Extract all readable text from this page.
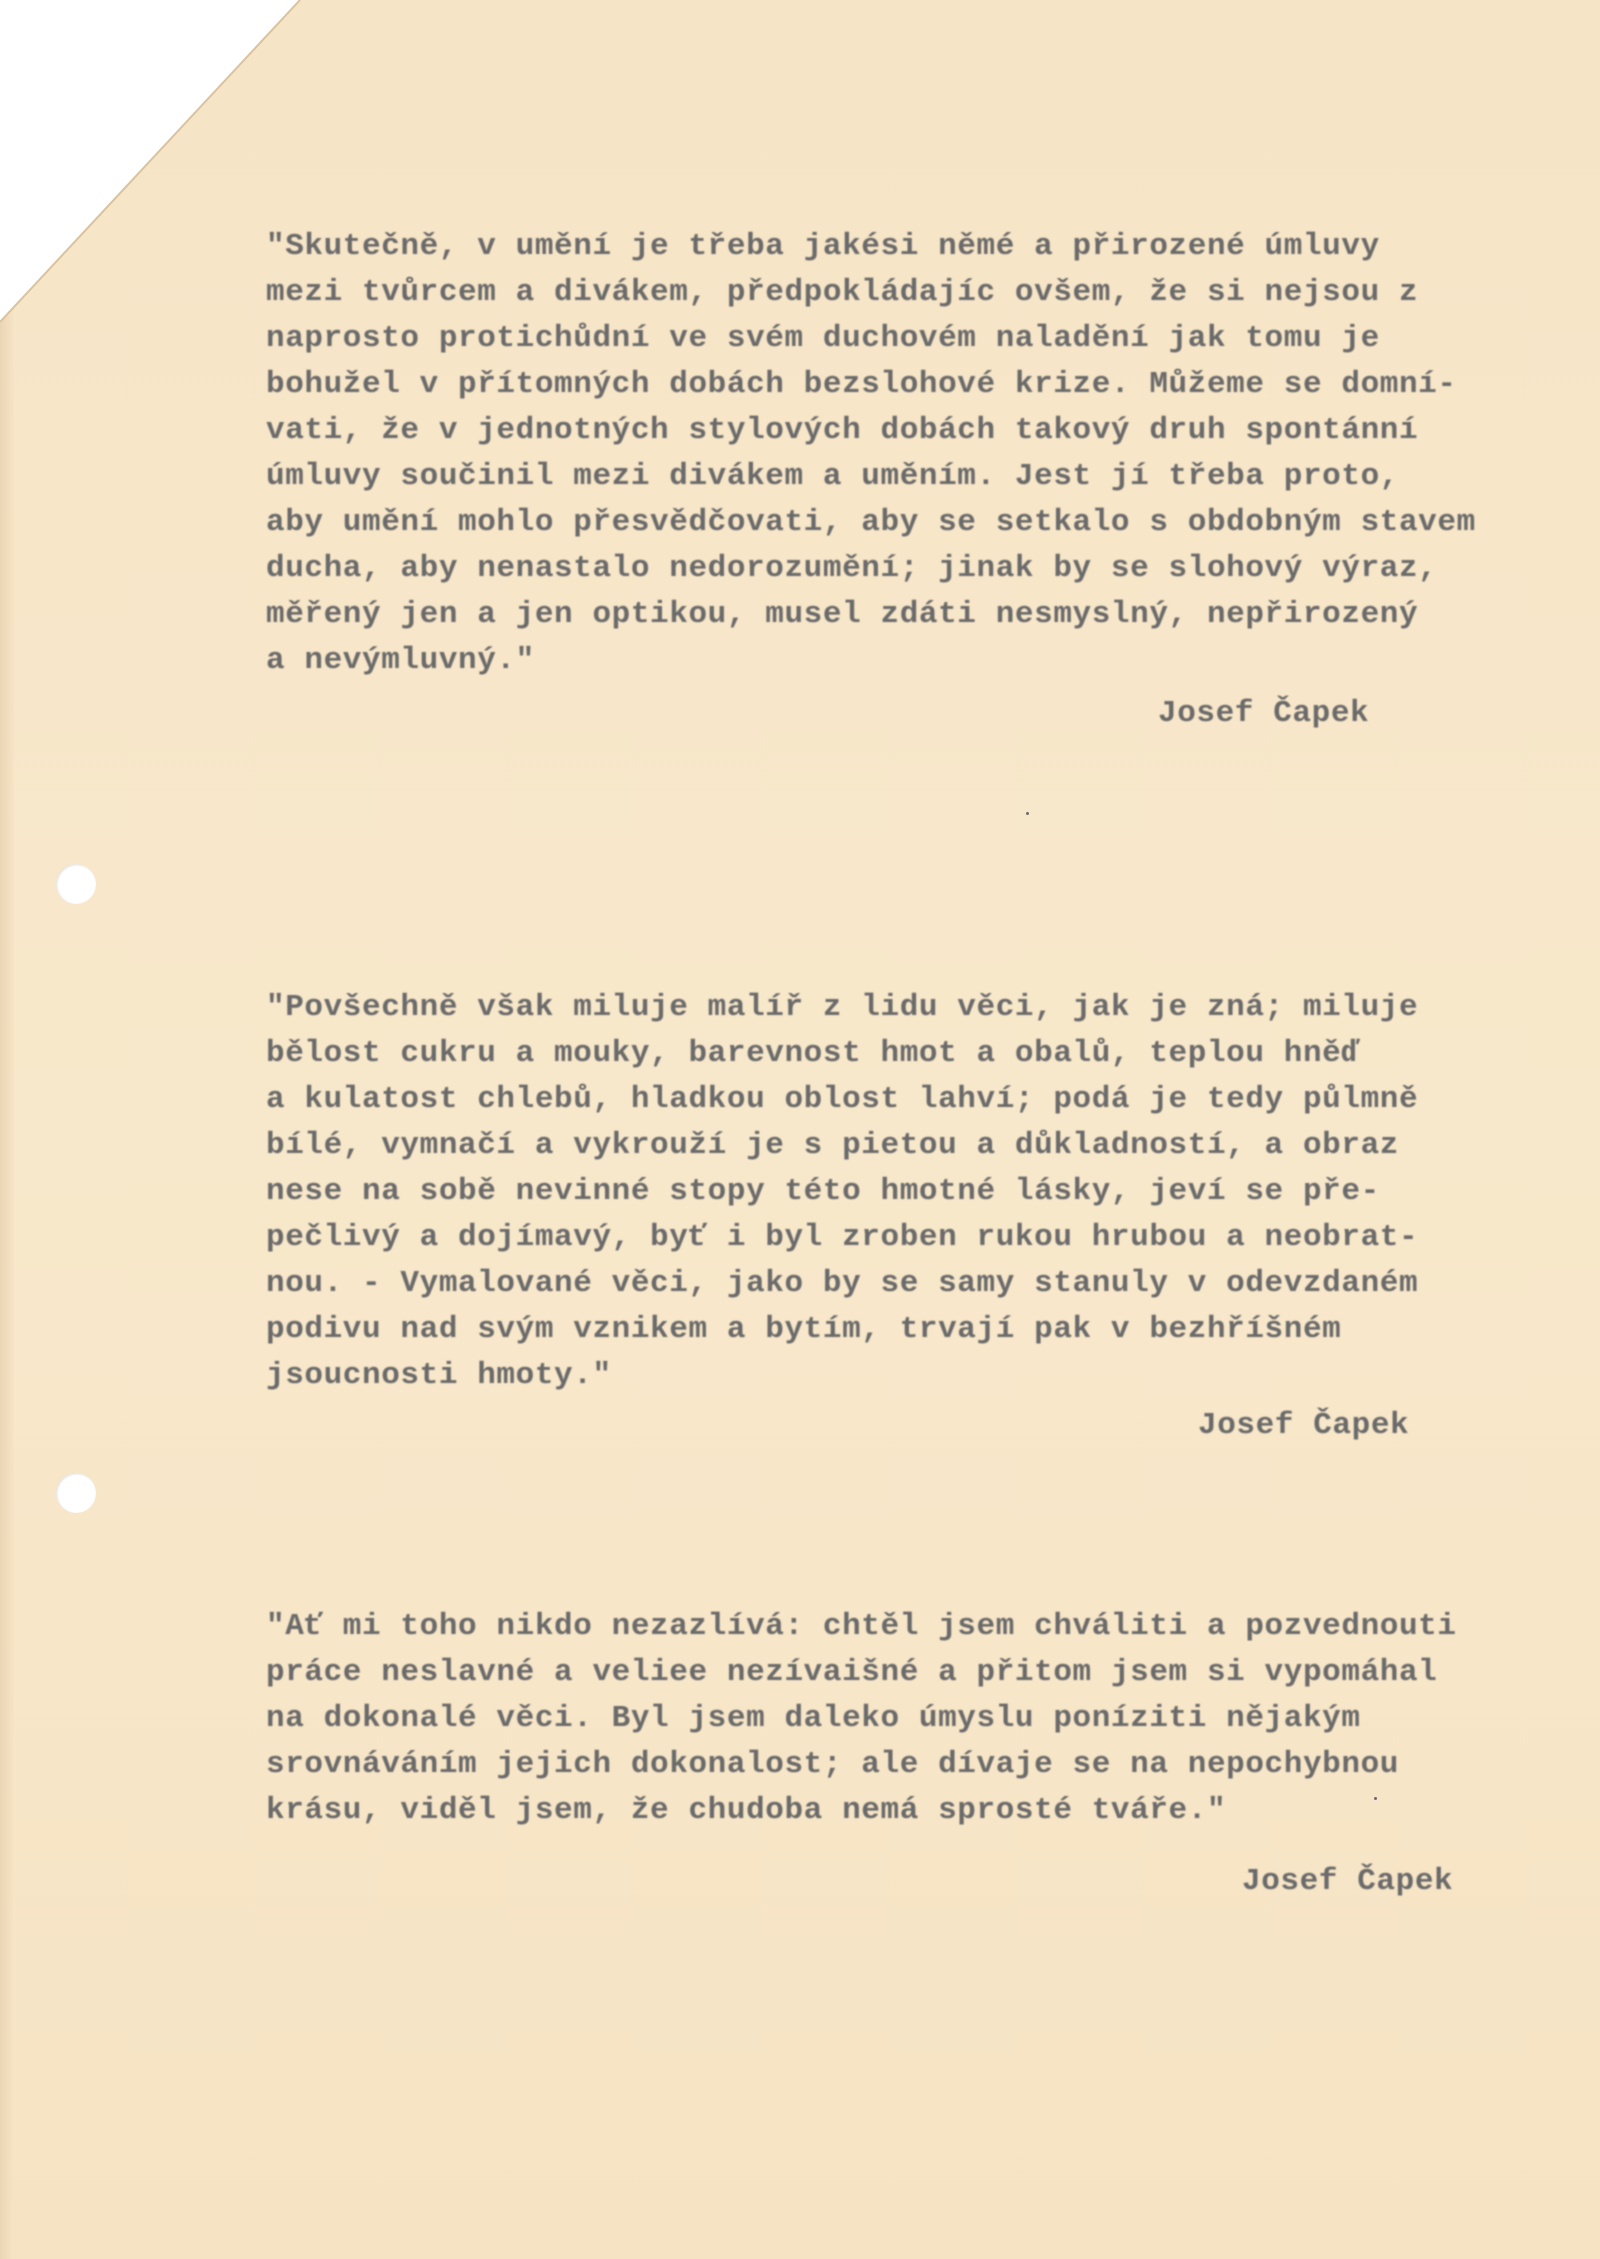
"Skutečně, v umění je třeba jakési němé a přirozené úmluvy
mezi tvůrcem a divákem, předpokládajíc ovšem, že si nejsou z
naprosto protichůdní ve svém duchovém naladění jak tomu je
bohužel v přítomných dobách bezslohové krize. Můžeme se domní-
vati, že v jednotných stylových dobách takový druh spontánní
úmluvy součinil mezi divákem a uměním. Jest jí třeba proto,
aby umění mohlo přesvědčovati, aby se setkalo s obdobným stavem
ducha, aby nenastalo nedorozumění; jinak by se slohový výraz,
měřený jen a jen optikou, musel zdáti nesmyslný, nepřirozený
a nevýmluvný."
Josef Čapek
"Povšechně však miluje malíř z lidu věci, jak je zná; miluje
bělost cukru a mouky, barevnost hmot a obalů, teplou hněď
a kulatost chlebů, hladkou oblost lahví; podá je tedy půlmně
bílé, vymnačí a vykrouží je s pietou a důkladností, a obraz
nese na sobě nevinné stopy této hmotné lásky, jeví se pře-
pečlivý a dojímavý, byť i byl zroben rukou hrubou a neobrat-
nou. - Vymalované věci, jako by se samy stanuly v odevzdaném
podivu nad svým vznikem a bytím, trvají pak v bezhříšném
jsoucnosti hmoty."
Josef Čapek
"Ať mi toho nikdo nezazlívá: chtěl jsem chváliti a pozvednouti
práce neslavné a veliee nezívaišné a přitom jsem si vypomáhal
na dokonalé věci. Byl jsem daleko úmyslu poníziti nějakým
srovnáváním jejich dokonalost; ale dívaje se na nepochybnou
krásu, viděl jsem, že chudoba nemá sprosté tváře."
Josef Čapek
